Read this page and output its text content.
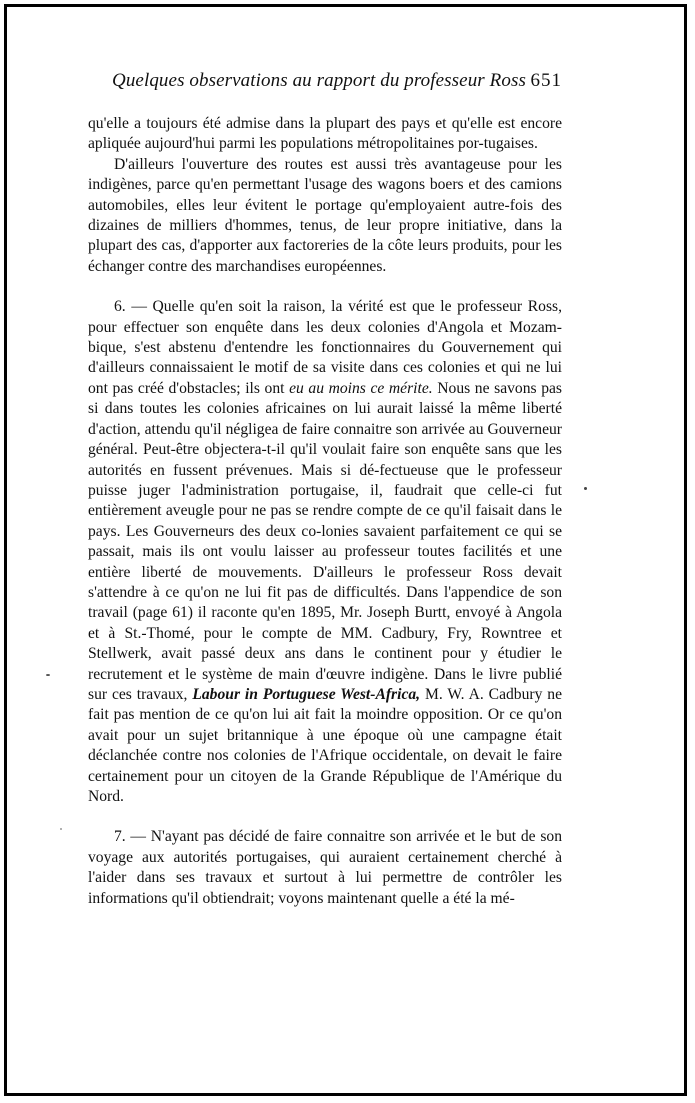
Quelques observations au rapport du professeur Ross 651

qu'elle a toujours été admise dans la plupart des pays et qu'elle est encore apliquée aujourd'hui parmi les populations métropolitaines por-tugaises.

D'ailleurs l'ouverture des routes est aussi très avantageuse pour les indigènes, parce qu'en permettant l'usage des wagons boers et des camions automobiles, elles leur évitent le portage qu'employaient autre-fois des dizaines de milliers d'hommes, tenus, de leur propre initiative, dans la plupart des cas, d'apporter aux factoreries de la côte leurs produits, pour les échanger contre des marchandises européennes.

6. — Quelle qu'en soit la raison, la vérité est que le professeur Ross, pour effectuer son enquête dans les deux colonies d'Angola et Mozam-bique, s'est abstenu d'entendre les fonctionnaires du Gouvernement qui d'ailleurs connaissaient le motif de sa visite dans ces colonies et qui ne lui ont pas créé d'obstacles; ils ont eu au moins ce mérite. Nous ne savons pas si dans toutes les colonies africaines on lui aurait laissé la même liberté d'action, attendu qu'il négligea de faire connaitre son arrivée au Gouverneur général. Peut-être objectera-t-il qu'il voulait faire son enquête sans que les autorités en fussent prévenues. Mais si dé-fectueuse que le professeur puisse juger l'administration portugaise, il, faudrait que celle-ci fut entièrement aveugle pour ne pas se rendre compte de ce qu'il faisait dans le pays. Les Gouverneurs des deux co-lonies savaient parfaitement ce qui se passait, mais ils ont voulu laisser au professeur toutes facilités et une entière liberté de mouvements. D'ailleurs le professeur Ross devait s'attendre à ce qu'on ne lui fit pas de difficultés. Dans l'appendice de son travail (page 61) il raconte qu'en 1895, Mr. Joseph Burtt, envoyé à Angola et à St.-Thomé, pour le compte de MM. Cadbury, Fry, Rowntree et Stellwerk, avait passé deux ans dans le continent pour y étudier le recrutement et le système de main d'œuvre indigène. Dans le livre publié sur ces travaux, Labour in Portuguese West-Africa, M. W. A. Cadbury ne fait pas mention de ce qu'on lui ait fait la moindre opposition. Or ce qu'on avait pour un sujet britannique à une époque où une campagne était déclanchée contre nos colonies de l'Afrique occidentale, on devait le faire certainement pour un citoyen de la Grande République de l'Amérique du Nord.

7. — N'ayant pas décidé de faire connaitre son arrivée et le but de son voyage aux autorités portugaises, qui auraient certainement cherché à l'aider dans ses travaux et surtout à lui permettre de contrôler les informations qu'il obtiendrait; voyons maintenant quelle a été la mé-
